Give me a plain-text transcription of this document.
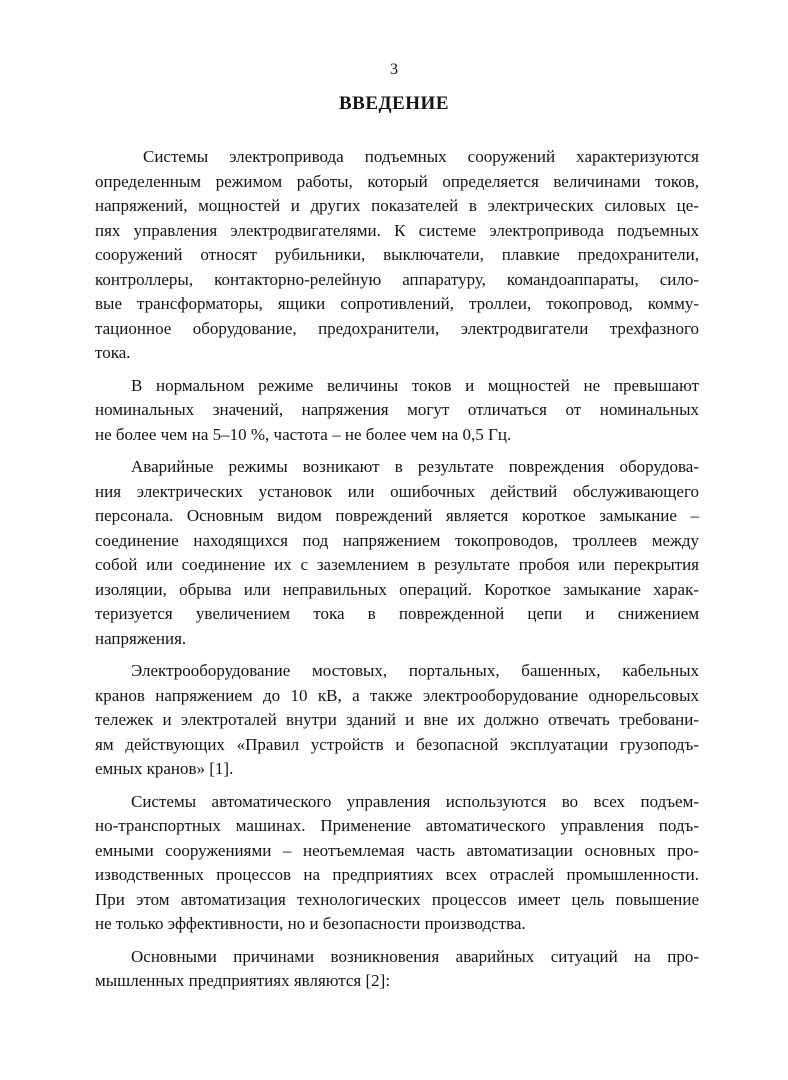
3
ВВЕДЕНИЕ
Системы электропривода подъемных сооружений характеризуются
определенным режимом работы, который определяется величинами токов,
напряжений, мощностей и других показателей в электрических силовых це-
пях управления электродвигателями. К системе электропривода подъемных
сооружений относят рубильники, выключатели, плавкие предохранители,
контроллеры, контакторно-релейную аппаратуру, командоаппараты, сило-
вые трансформаторы, ящики сопротивлений, троллеи, токопровод, комму-
тационное оборудование, предохранители, электродвигатели трехфазного
тока.
В нормальном режиме величины токов и мощностей не превышают
номинальных значений, напряжения могут отличаться от номинальных
не более чем на 5–10 %, частота – не более чем на 0,5 Гц.
Аварийные режимы возникают в результате повреждения оборудова-
ния электрических установок или ошибочных действий обслуживающего
персонала. Основным видом повреждений является короткое замыкание –
соединение находящихся под напряжением токопроводов, троллеев между
собой или соединение их с заземлением в результате пробоя или перекрытия
изоляции, обрыва или неправильных операций. Короткое замыкание харак-
теризуется увеличением тока в поврежденной цепи и снижением
напряжения.
Электрооборудование мостовых, портальных, башенных, кабельных
кранов напряжением до 10 кВ, а также электрооборудование однорельсовых
тележек и электроталей внутри зданий и вне их должно отвечать требовани-
ям действующих «Правил устройств и безопасной эксплуатации грузоподъ-
емных кранов» [1].
Системы автоматического управления используются во всех подъем-
но-транспортных машинах. Применение автоматического управления подъ-
емными сооружениями – неотъемлемая часть автоматизации основных про-
изводственных процессов на предприятиях всех отраслей промышленности.
При этом автоматизация технологических процессов имеет цель повышение
не только эффективности, но и безопасности производства.
Основными причинами возникновения аварийных ситуаций на про-
мышленных предприятиях являются [2]:
